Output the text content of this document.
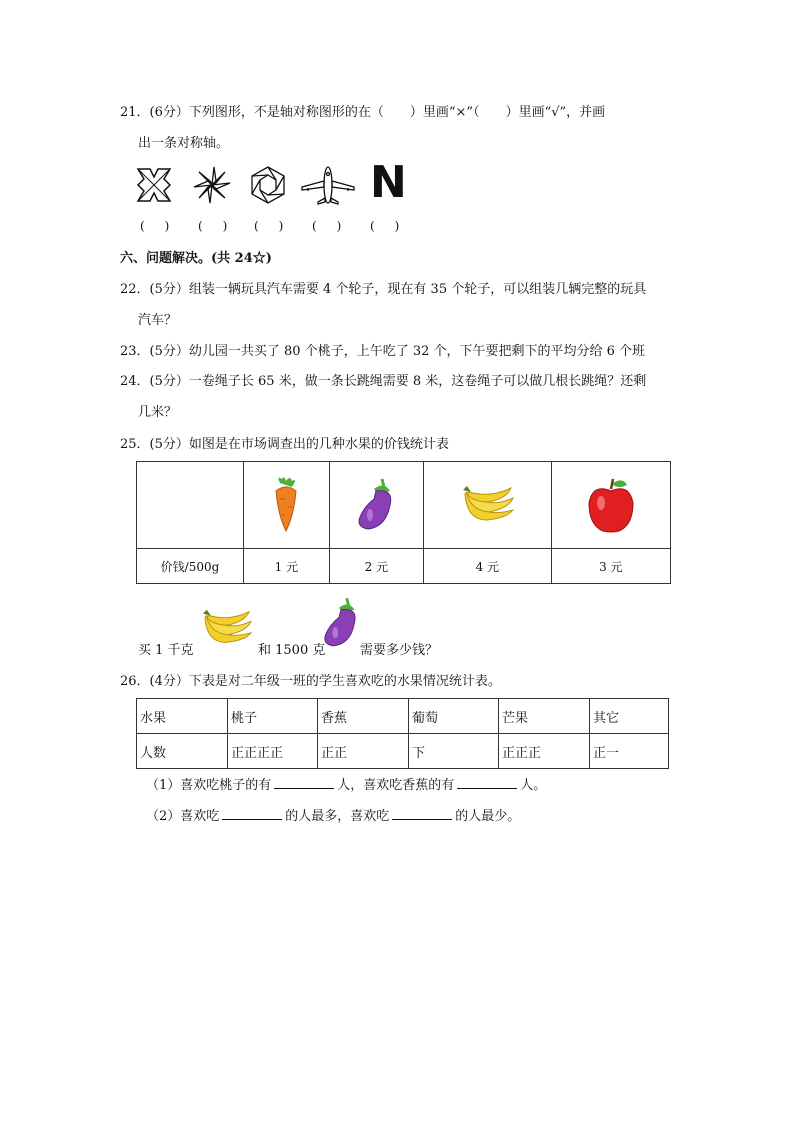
21．(6分）下列图形，不是轴对称图形的在（　　）里画“×”（　　）里画“√”，并画
出一条对称轴。
N
(　) (　) (　) (　) (　)
六、问题解决。(共 24☆)
22．(5分）组装一辆玩具汽车需要 4 个轮子，现在有 35 个轮子，可以组装几辆完整的玩具
汽车？
23．(5分）幼儿园一共买了 80 个桃子，上午吃了 32 个，下午要把剩下的平均分给 6 个班
24．(5分）一卷绳子长 65 米，做一条长跳绳需要 8 米，这卷绳子可以做几根长跳绳？还剩
几米？
25．(5分）如图是在市场调查出的几种水果的价钱统计表

价钱/500g	1 元	2 元	4 元	3 元
买 1 千克	和 1500 克	需要多少钱？
26．(4分）下表是对二年级一班的学生喜欢吃的水果情况统计表。
水果	桃子	香蕉	葡萄	芒果	其它
人数	正正正正	正正	下	正正正	正一
（1）喜欢吃桃子的有	人，喜欢吃香蕉的有	人。
（2）喜欢吃	的人最多，喜欢吃	的人最少。
